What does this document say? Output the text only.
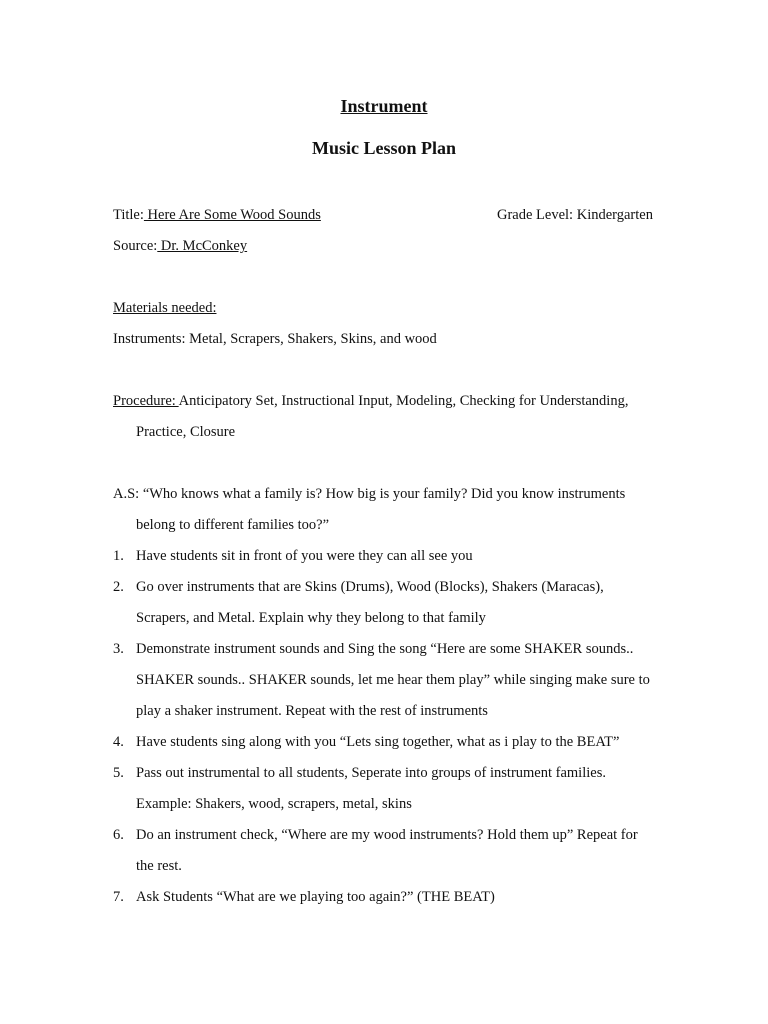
Instrument

Music Lesson Plan

Title: Here Are Some Wood Sounds	Grade Level: Kindergarten

Source: Dr. McConkey

Materials needed:

Instruments: Metal, Scrapers, Shakers, Skins, and wood

Procedure: Anticipatory Set, Instructional Input, Modeling, Checking for Understanding,

Practice, Closure

A.S: “Who knows what a family is? How big is your family? Did you know instruments

belong to different families too?”

1. Have students sit in front of you were they can all see you

2. Go over instruments that are Skins (Drums), Wood (Blocks), Shakers (Maracas),

Scrapers, and Metal. Explain why they belong to that family

3. Demonstrate instrument sounds and Sing the song “Here are some SHAKER sounds..

SHAKER sounds.. SHAKER sounds, let me hear them play” while singing make sure to

play a shaker instrument. Repeat with the rest of instruments

4. Have students sing along with you “Lets sing together, what as i play to the BEAT”

5. Pass out instrumental to all students, Seperate into groups of instrument families.

Example: Shakers, wood, scrapers, metal, skins

6. Do an instrument check, “Where are my wood instruments? Hold them up” Repeat for

the rest.

7. Ask Students “What are we playing too again?” (THE BEAT)
